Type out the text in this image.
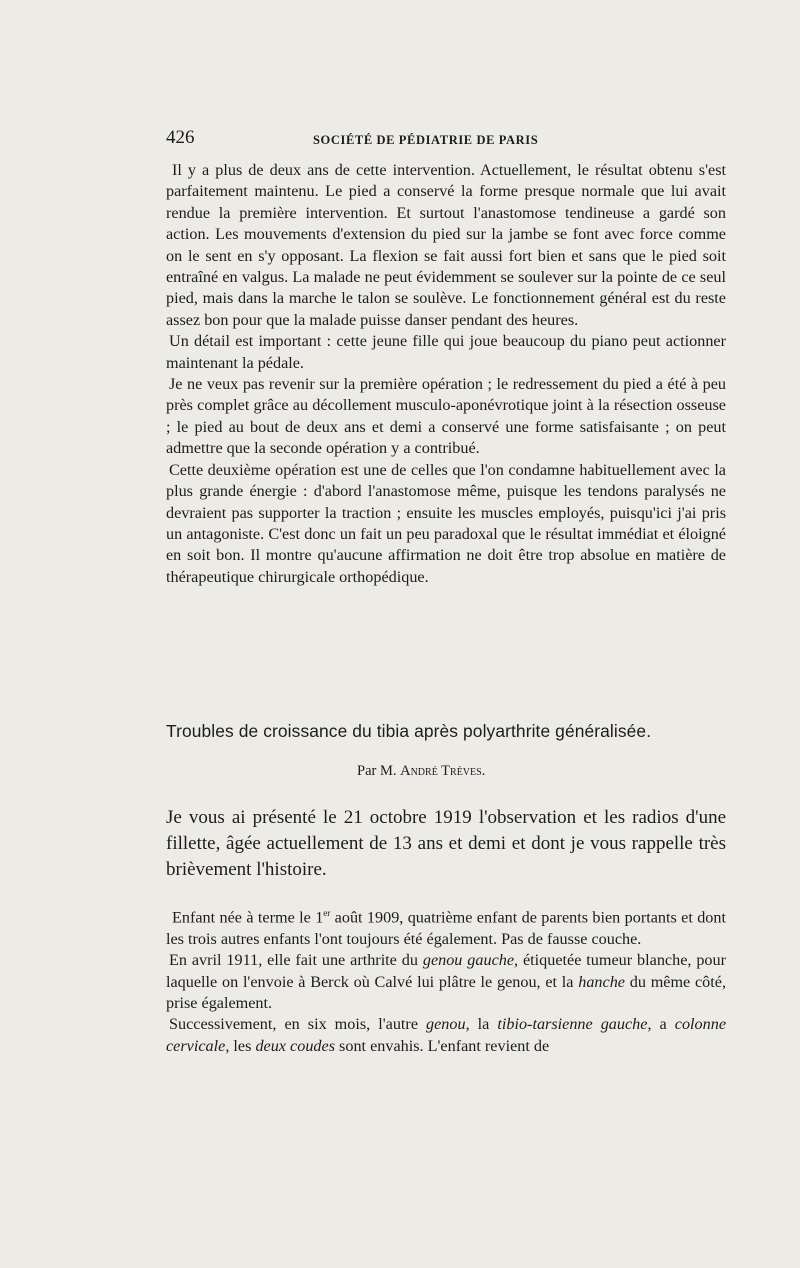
426	SOCIÉTÉ DE PÉDIATRIE DE PARIS

Il y a plus de deux ans de cette intervention. Actuellement, le résultat obtenu s'est parfaitement maintenu. Le pied a conservé la forme presque normale que lui avait rendue la première intervention. Et surtout l'anastomose tendineuse a gardé son action. Les mouvements d'extension du pied sur la jambe se font avec force comme on le sent en s'y opposant. La flexion se fait aussi fort bien et sans que le pied soit entraîné en valgus. La malade ne peut évidemment se soulever sur la pointe de ce seul pied, mais dans la marche le talon se soulève. Le fonctionnement général est du reste assez bon pour que la malade puisse danser pendant des heures.

Un détail est important : cette jeune fille qui joue beaucoup du piano peut actionner maintenant la pédale.

Je ne veux pas revenir sur la première opération ; le redressement du pied a été à peu près complet grâce au décollement musculo-aponévrotique joint à la résection osseuse ; le pied au bout de deux ans et demi a conservé une forme satisfaisante ; on peut admettre que la seconde opération y a contribué.

Cette deuxième opération est une de celles que l'on condamne habituellement avec la plus grande énergie : d'abord l'anastomose même, puisque les tendons paralysés ne devraient pas supporter la traction ; ensuite les muscles employés, puisqu'ici j'ai pris un antagoniste. C'est donc un fait un peu paradoxal que le résultat immédiat et éloigné en soit bon. Il montre qu'aucune affirmation ne doit être trop absolue en matière de thérapeutique chirurgicale orthopédique.

Troubles de croissance du tibia après polyarthrite généralisée.
Par M. André Trèves.

Je vous ai présenté le 21 octobre 1919 l'observation et les radios d'une fillette, âgée actuellement de 13 ans et demi et dont je vous rappelle très brièvement l'histoire.

Enfant née à terme le 1er août 1909, quatrième enfant de parents bien portants et dont les trois autres enfants l'ont toujours été également. Pas de fausse couche.

En avril 1911, elle fait une arthrite du genou gauche, étiquetée tumeur blanche, pour laquelle on l'envoie à Berck où Calvé lui plâtre le genou, et la hanche du même côté, prise également.

Successivement, en six mois, l'autre genou, la tibio-tarsienne gauche, a colonne cervicale, les deux coudes sont envahis. L'enfant revient de
